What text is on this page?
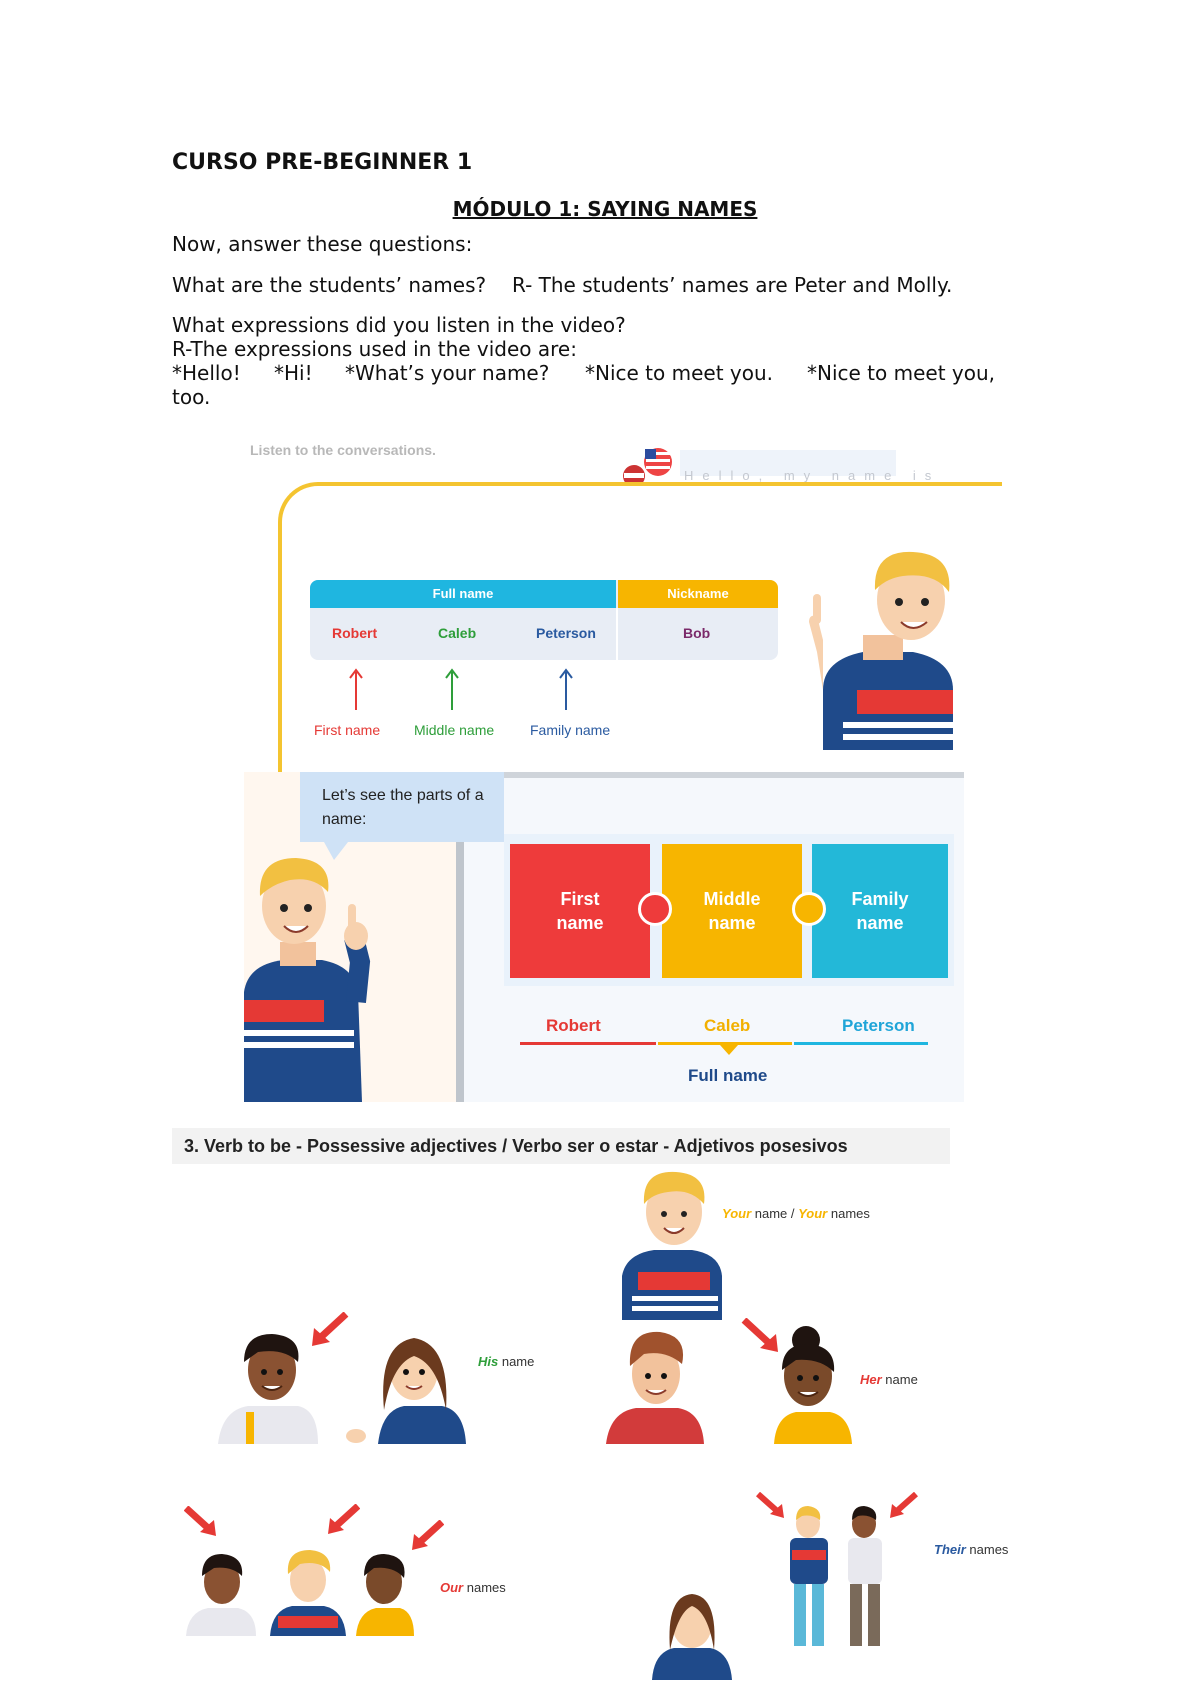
CURSO PRE-BEGINNER 1
MÓDULO 1: SAYING NAMES
Now, answer these questions:
What are the students’ names? R- The students’ names are Peter and Molly.
What expressions did you listen in the video?
R-The expressions used in the video are:
*Hello! *Hi! *What’s your name? *Nice to meet you. *Nice to meet you,
too.
Listen to the conversations.
Hello, my name is
Full name	Nickname
Robert	Caleb	Peterson	Bob
First name Middle name	Family name
Let’s see the parts of a name:
First name
Middle name
Family name
Robert	Caleb	Peterson
Full name
3. Verb to be - Possessive adjectives / Verbo ser o estar - Adjetivos posesivos
Your name / Your names
His name
Her name
Our names
Their names
